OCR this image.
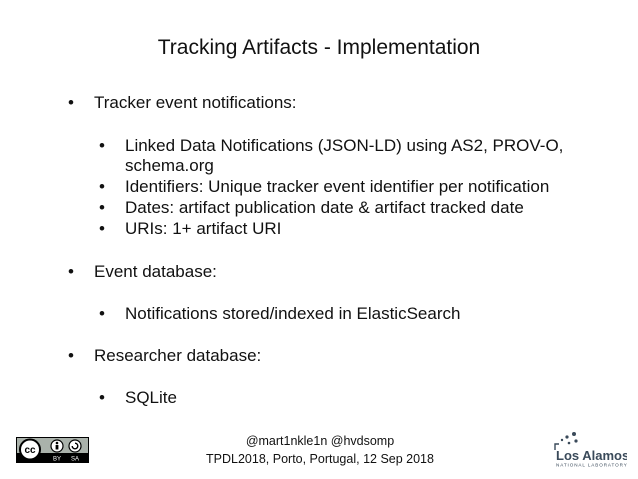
Tracking Artifacts - Implementation
• Tracker event notifications:
• Linked Data Notifications (JSON-LD) using AS2, PROV-O,
schema.org
• Identifiers: Unique tracker event identifier per notification
• Dates: artifact publication date & artifact tracked date
• URIs: 1+ artifact URI
• Event database:
• Notifications stored/indexed in ElasticSearch
• Researcher database:
• SQLite
cc
BY SA
@mart1nkle1n @hvdsomp
TPDL2018, Porto, Portugal, 12 Sep 2018	Los Alamos
NATIONAL LABORATORY
